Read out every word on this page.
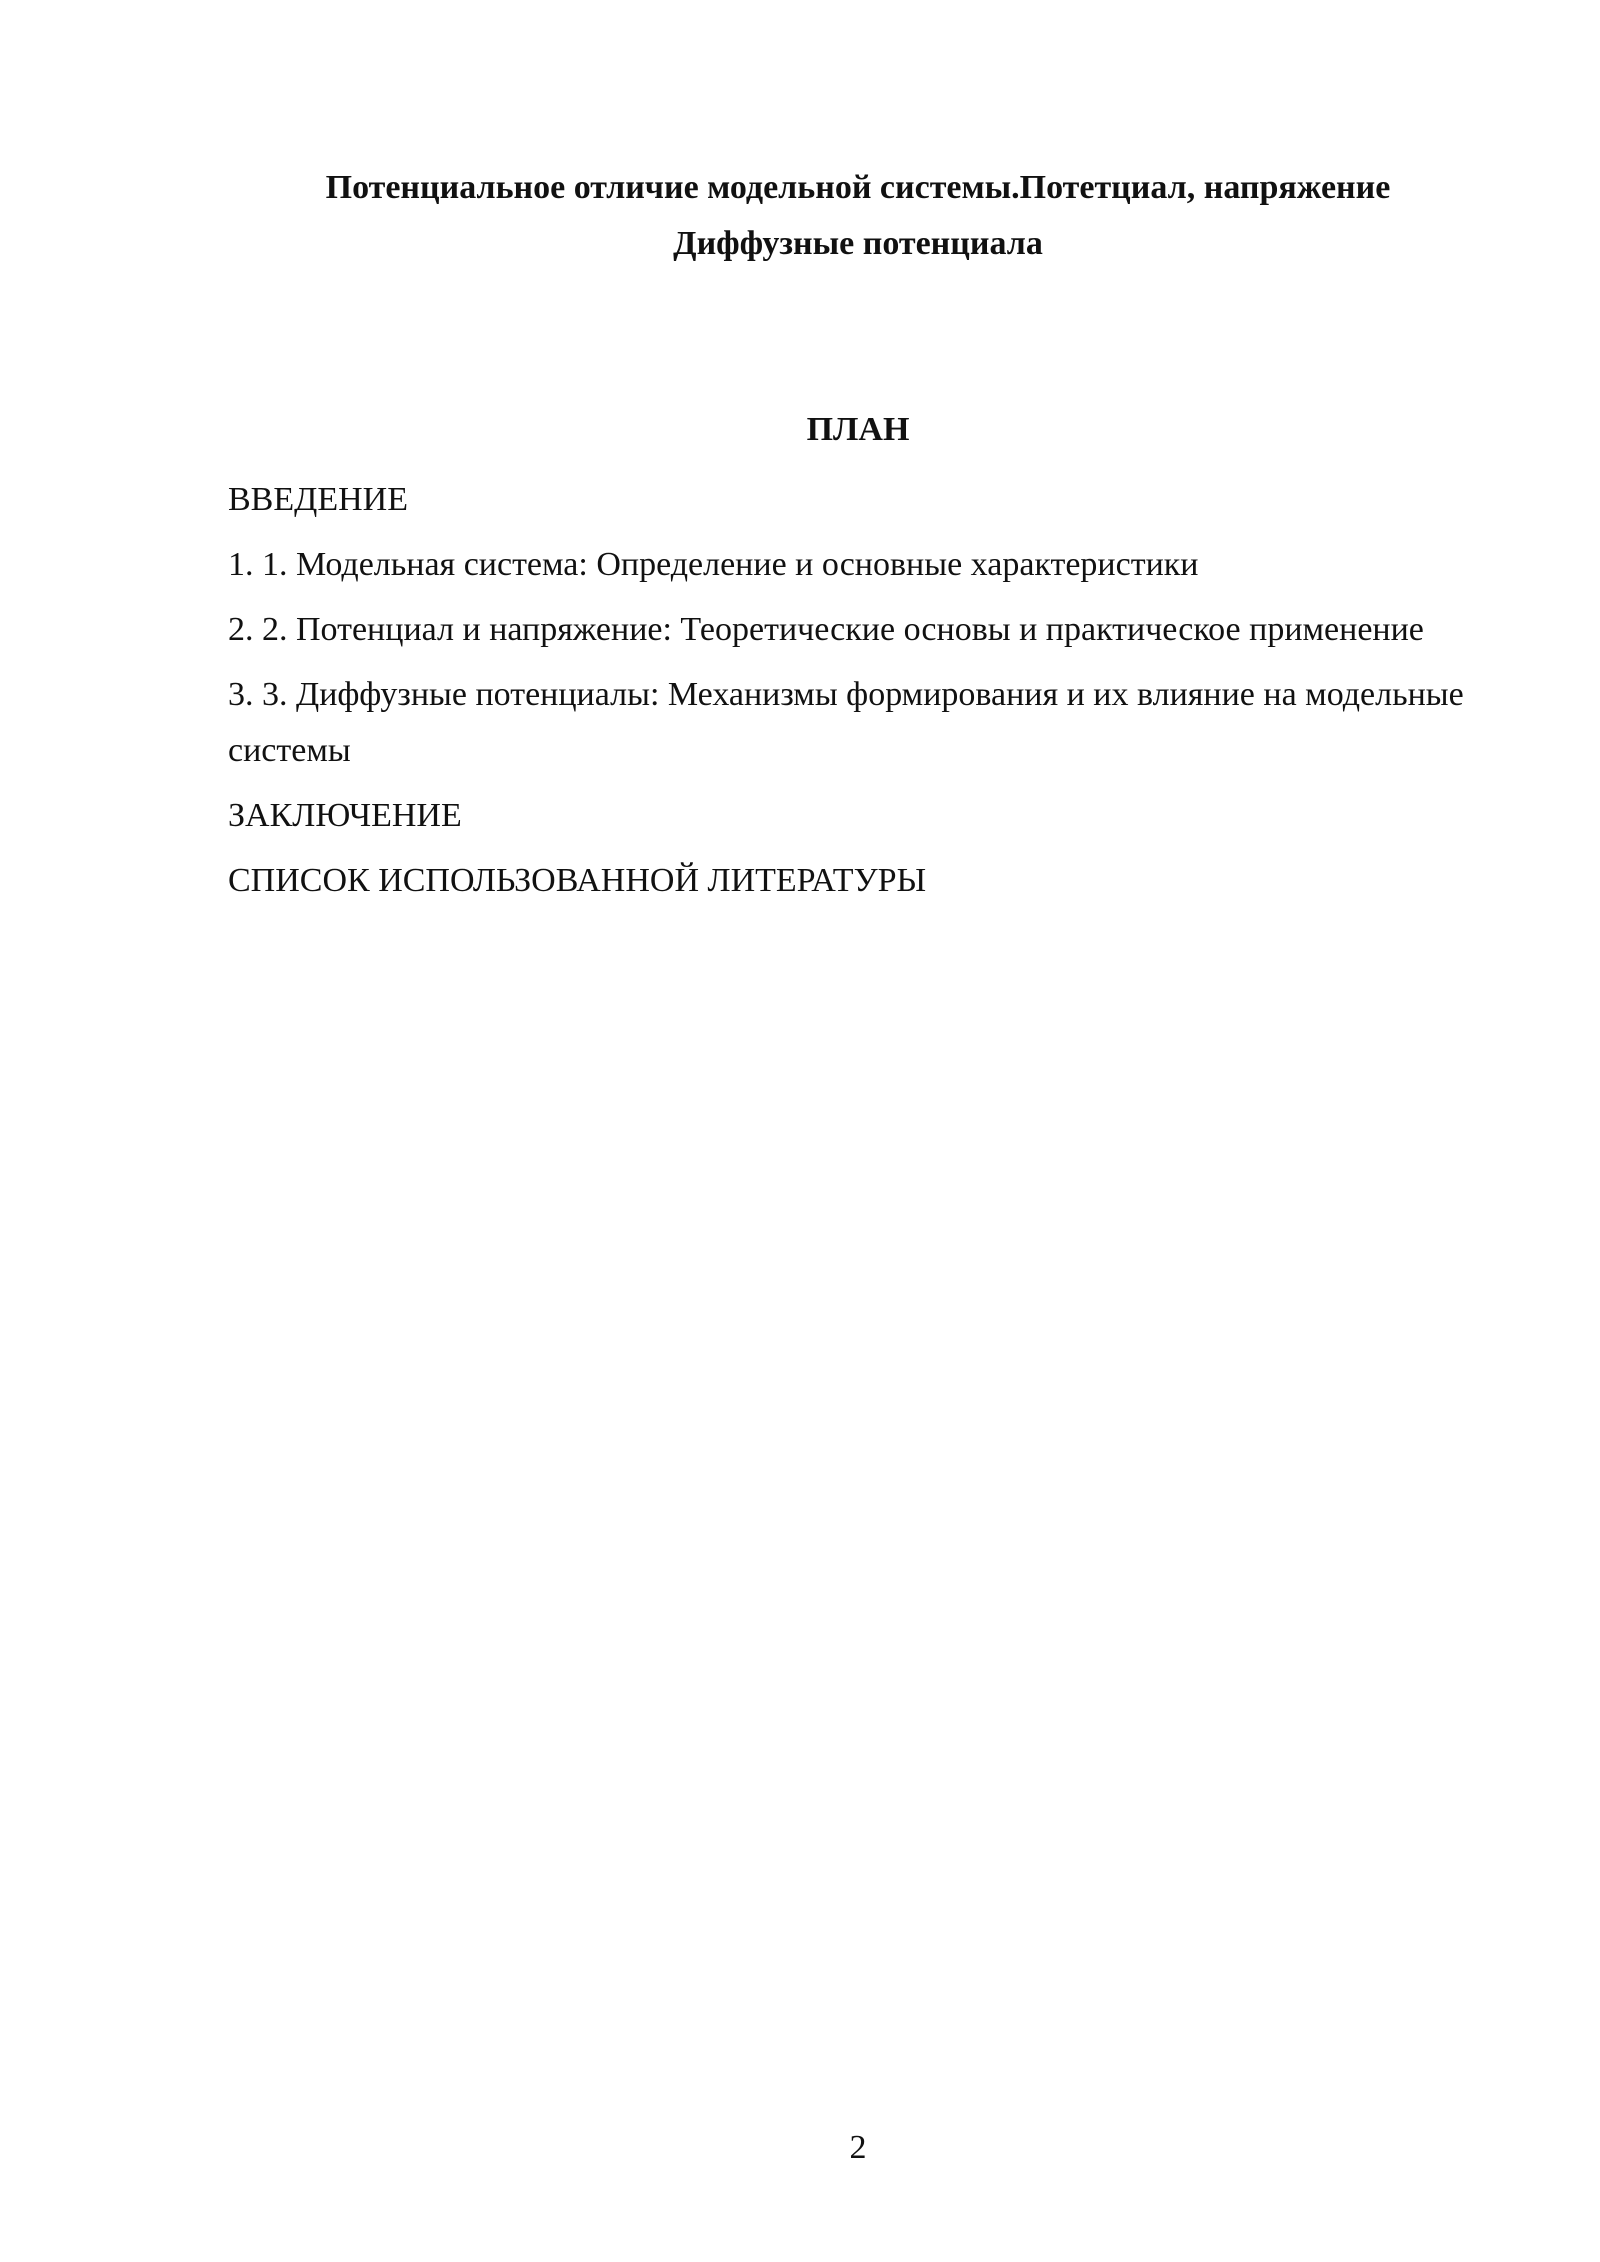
Потенциальное отличие модельной системы.Потетциал, напряжение
Диффузные потенциала
ПЛАН
ВВЕДЕНИЕ
1. 1. Модельная система: Определение и основные характеристики
2. 2. Потенциал и напряжение: Теоретические основы и практическое применение
3. 3. Диффузные потенциалы: Механизмы формирования и их влияние на модельные системы
ЗАКЛЮЧЕНИЕ
СПИСОК ИСПОЛЬЗОВАННОЙ ЛИТЕРАТУРЫ
2
